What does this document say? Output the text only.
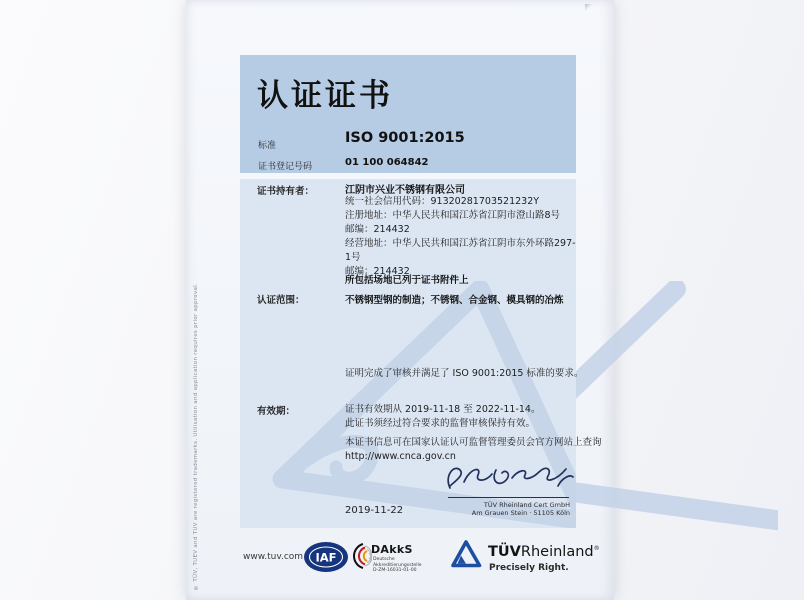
® TÜV, TUEV and TUV are registered trademarks. Utilisation and application requires prior approval.
认证证书
标准	ISO 9001:2015
证书登记号码	01 100 064842
证书持有者：	江阴市兴业不锈钢有限公司
统一社会信用代码：91320281703521232Y
注册地址：中华人民共和国江苏省江阴市澄山路8号
邮编：214432
经营地址：中华人民共和国江苏省江阴市东外环路297-1号
邮编：214432
所包括场地已列于证书附件上
认证范围：	不锈钢型钢的制造；不锈钢、合金钢、模具钢的冶炼
证明完成了审核并满足了 ISO 9001:2015 标准的要求。
有效期：	证书有效期从 2019-11-18 至 2022-11-14。
此证书须经过符合要求的监督审核保持有效。
本证书信息可在国家认证认可监督管理委员会官方网站上查询
http://www.cnca.gov.cn
2019-11-22	TÜV Rheinland Cert GmbH
Am Grauen Stein · 51105 Köln
www.tuv.com IAF
DAkkS
Deutsche
Akkreditierungsstelle
D-ZM-16031-01-00
TÜVRheinland®
Precisely Right.
